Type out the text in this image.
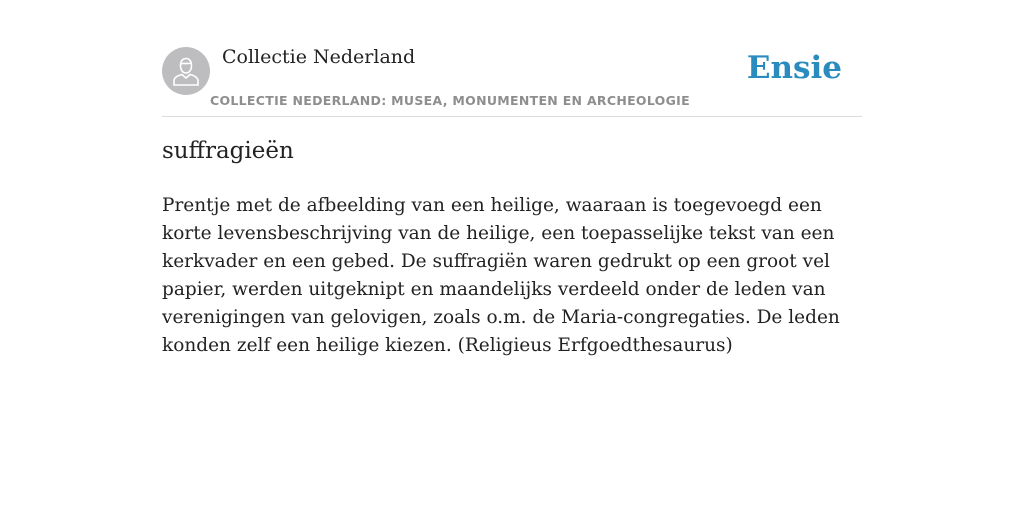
Collectie Nederland
COLLECTIE NEDERLAND: MUSEA, MONUMENTEN EN ARCHEOLOGIE
Ensie
suffragieën

Prentje met de afbeelding van een heilige, waaraan is toegevoegd een korte levensbeschrijving van de heilige, een toepasselijke tekst van een kerkvader en een gebed. De suffragiën waren gedrukt op een groot vel papier, werden uitgeknipt en maandelijks verdeeld onder de leden van verenigingen van gelovigen, zoals o.m. de Maria-congregaties. De leden konden zelf een heilige kiezen. (Religieus Erfgoedthesaurus)
